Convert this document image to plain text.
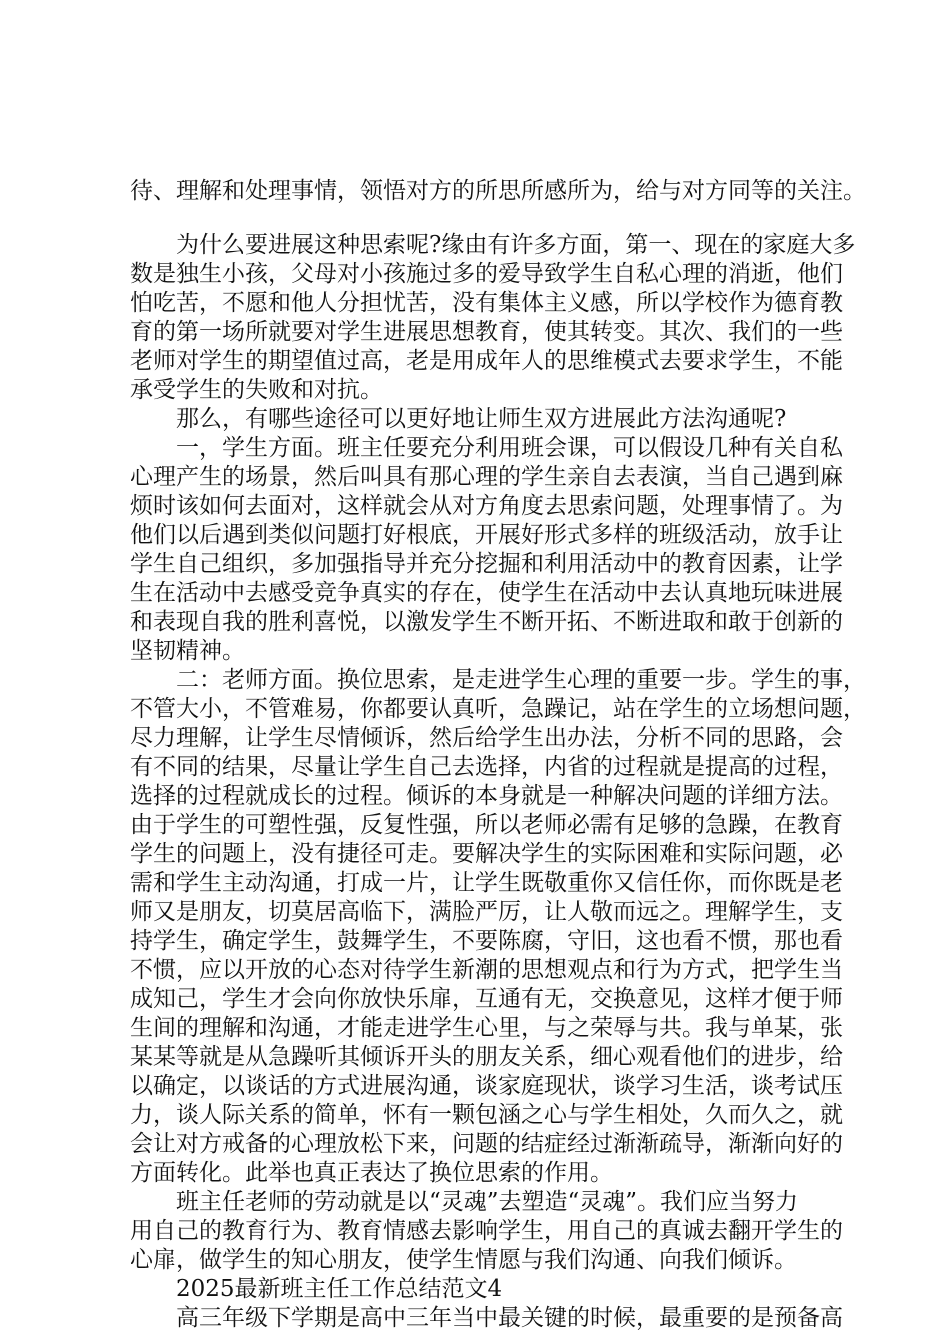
待、理解和处理事情，领悟对方的所思所感所为，给与对方同等的关注。
为什么要进展这种思索呢?缘由有许多方面，第一、现在的家庭大多
数是独生小孩，父母对小孩施过多的爱导致学生自私心理的消逝，他们
怕吃苦，不愿和他人分担忧苦，没有集体主义感，所以学校作为德育教
育的第一场所就要对学生进展思想教育，使其转变。其次、我们的一些
老师对学生的期望值过高，老是用成年人的思维模式去要求学生，不能
承受学生的失败和对抗。
那么，有哪些途径可以更好地让师生双方进展此方法沟通呢?
一，学生方面。班主任要充分利用班会课，可以假设几种有关自私
心理产生的场景，然后叫具有那心理的学生亲自去表演，当自己遇到麻
烦时该如何去面对，这样就会从对方角度去思索问题，处理事情了。为
他们以后遇到类似问题打好根底，开展好形式多样的班级活动，放手让
学生自己组织，多加强指导并充分挖掘和利用活动中的教育因素，让学
生在活动中去感受竞争真实的存在，使学生在活动中去认真地玩味进展
和表现自我的胜利喜悦，以激发学生不断开拓、不断进取和敢于创新的
坚韧精神。
二：老师方面。换位思索，是走进学生心理的重要一步。学生的事，
不管大小，不管难易，你都要认真听，急躁记，站在学生的立场想问题，
尽力理解，让学生尽情倾诉，然后给学生出办法，分析不同的思路，会
有不同的结果，尽量让学生自己去选择，内省的过程就是提高的过程，
选择的过程就成长的过程。倾诉的本身就是一种解决问题的详细方法。
由于学生的可塑性强，反复性强，所以老师必需有足够的急躁，在教育
学生的问题上，没有捷径可走。要解决学生的实际困难和实际问题，必
需和学生主动沟通，打成一片，让学生既敬重你又信任你，而你既是老
师又是朋友，切莫居高临下，满脸严厉，让人敬而远之。理解学生，支
持学生，确定学生，鼓舞学生，不要陈腐，守旧，这也看不惯，那也看
不惯，应以开放的心态对待学生新潮的思想观点和行为方式，把学生当
成知己，学生才会向你放快乐扉，互通有无，交换意见，这样才便于师
生间的理解和沟通，才能走进学生心里，与之荣辱与共。我与单某，张
某某等就是从急躁听其倾诉开头的朋友关系，细心观看他们的进步，给
以确定，以谈话的方式进展沟通，谈家庭现状，谈学习生活，谈考试压
力，谈人际关系的简单，怀有一颗包涵之心与学生相处，久而久之，就
会让对方戒备的心理放松下来，问题的结症经过渐渐疏导，渐渐向好的
方面转化。此举也真正表达了换位思索的作用。
班主任老师的劳动就是以“灵魂”去塑造“灵魂”。我们应当努力
用自己的教育行为、教育情感去影响学生，用自己的真诚去翻开学生的
心扉，做学生的知心朋友，使学生情愿与我们沟通、向我们倾诉。
2025最新班主任工作总结范文4
高三年级下学期是高中三年当中最关键的时候，最重要的是预备高
